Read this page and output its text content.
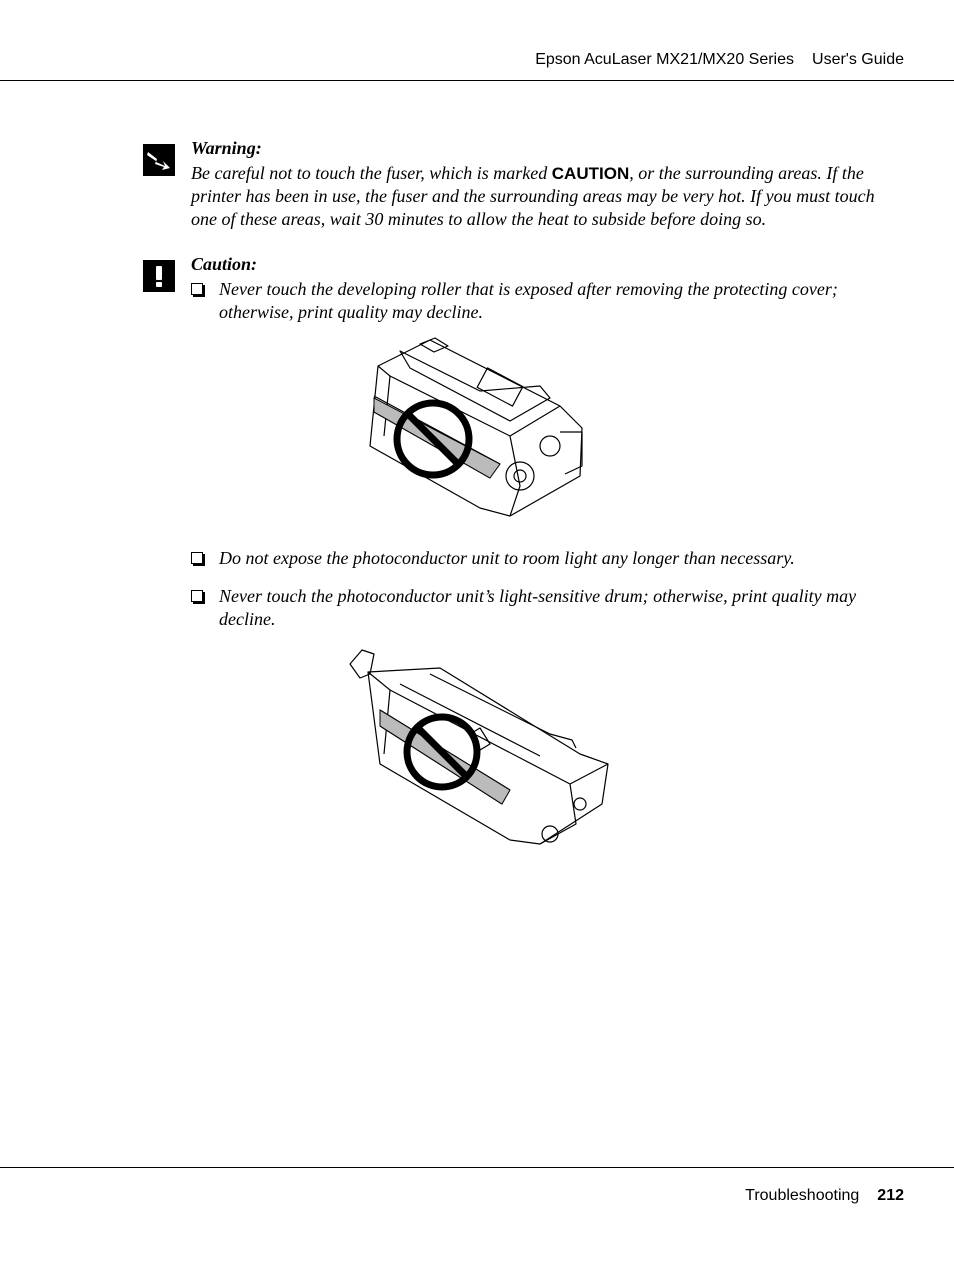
Epson AcuLaser MX21/MX20 Series User's Guide
Warning:
Be careful not to touch the fuser, which is marked CAUTION, or the surrounding areas. If the printer has been in use, the fuser and the surrounding areas may be very hot. If you must touch one of these areas, wait 30 minutes to allow the heat to subside before doing so.
Caution:
Never touch the developing roller that is exposed after removing the protecting cover; otherwise, print quality may decline.
Do not expose the photoconductor unit to room light any longer than necessary.
Never touch the photoconductor unit’s light-sensitive drum; otherwise, print quality may decline.
Troubleshooting 212
